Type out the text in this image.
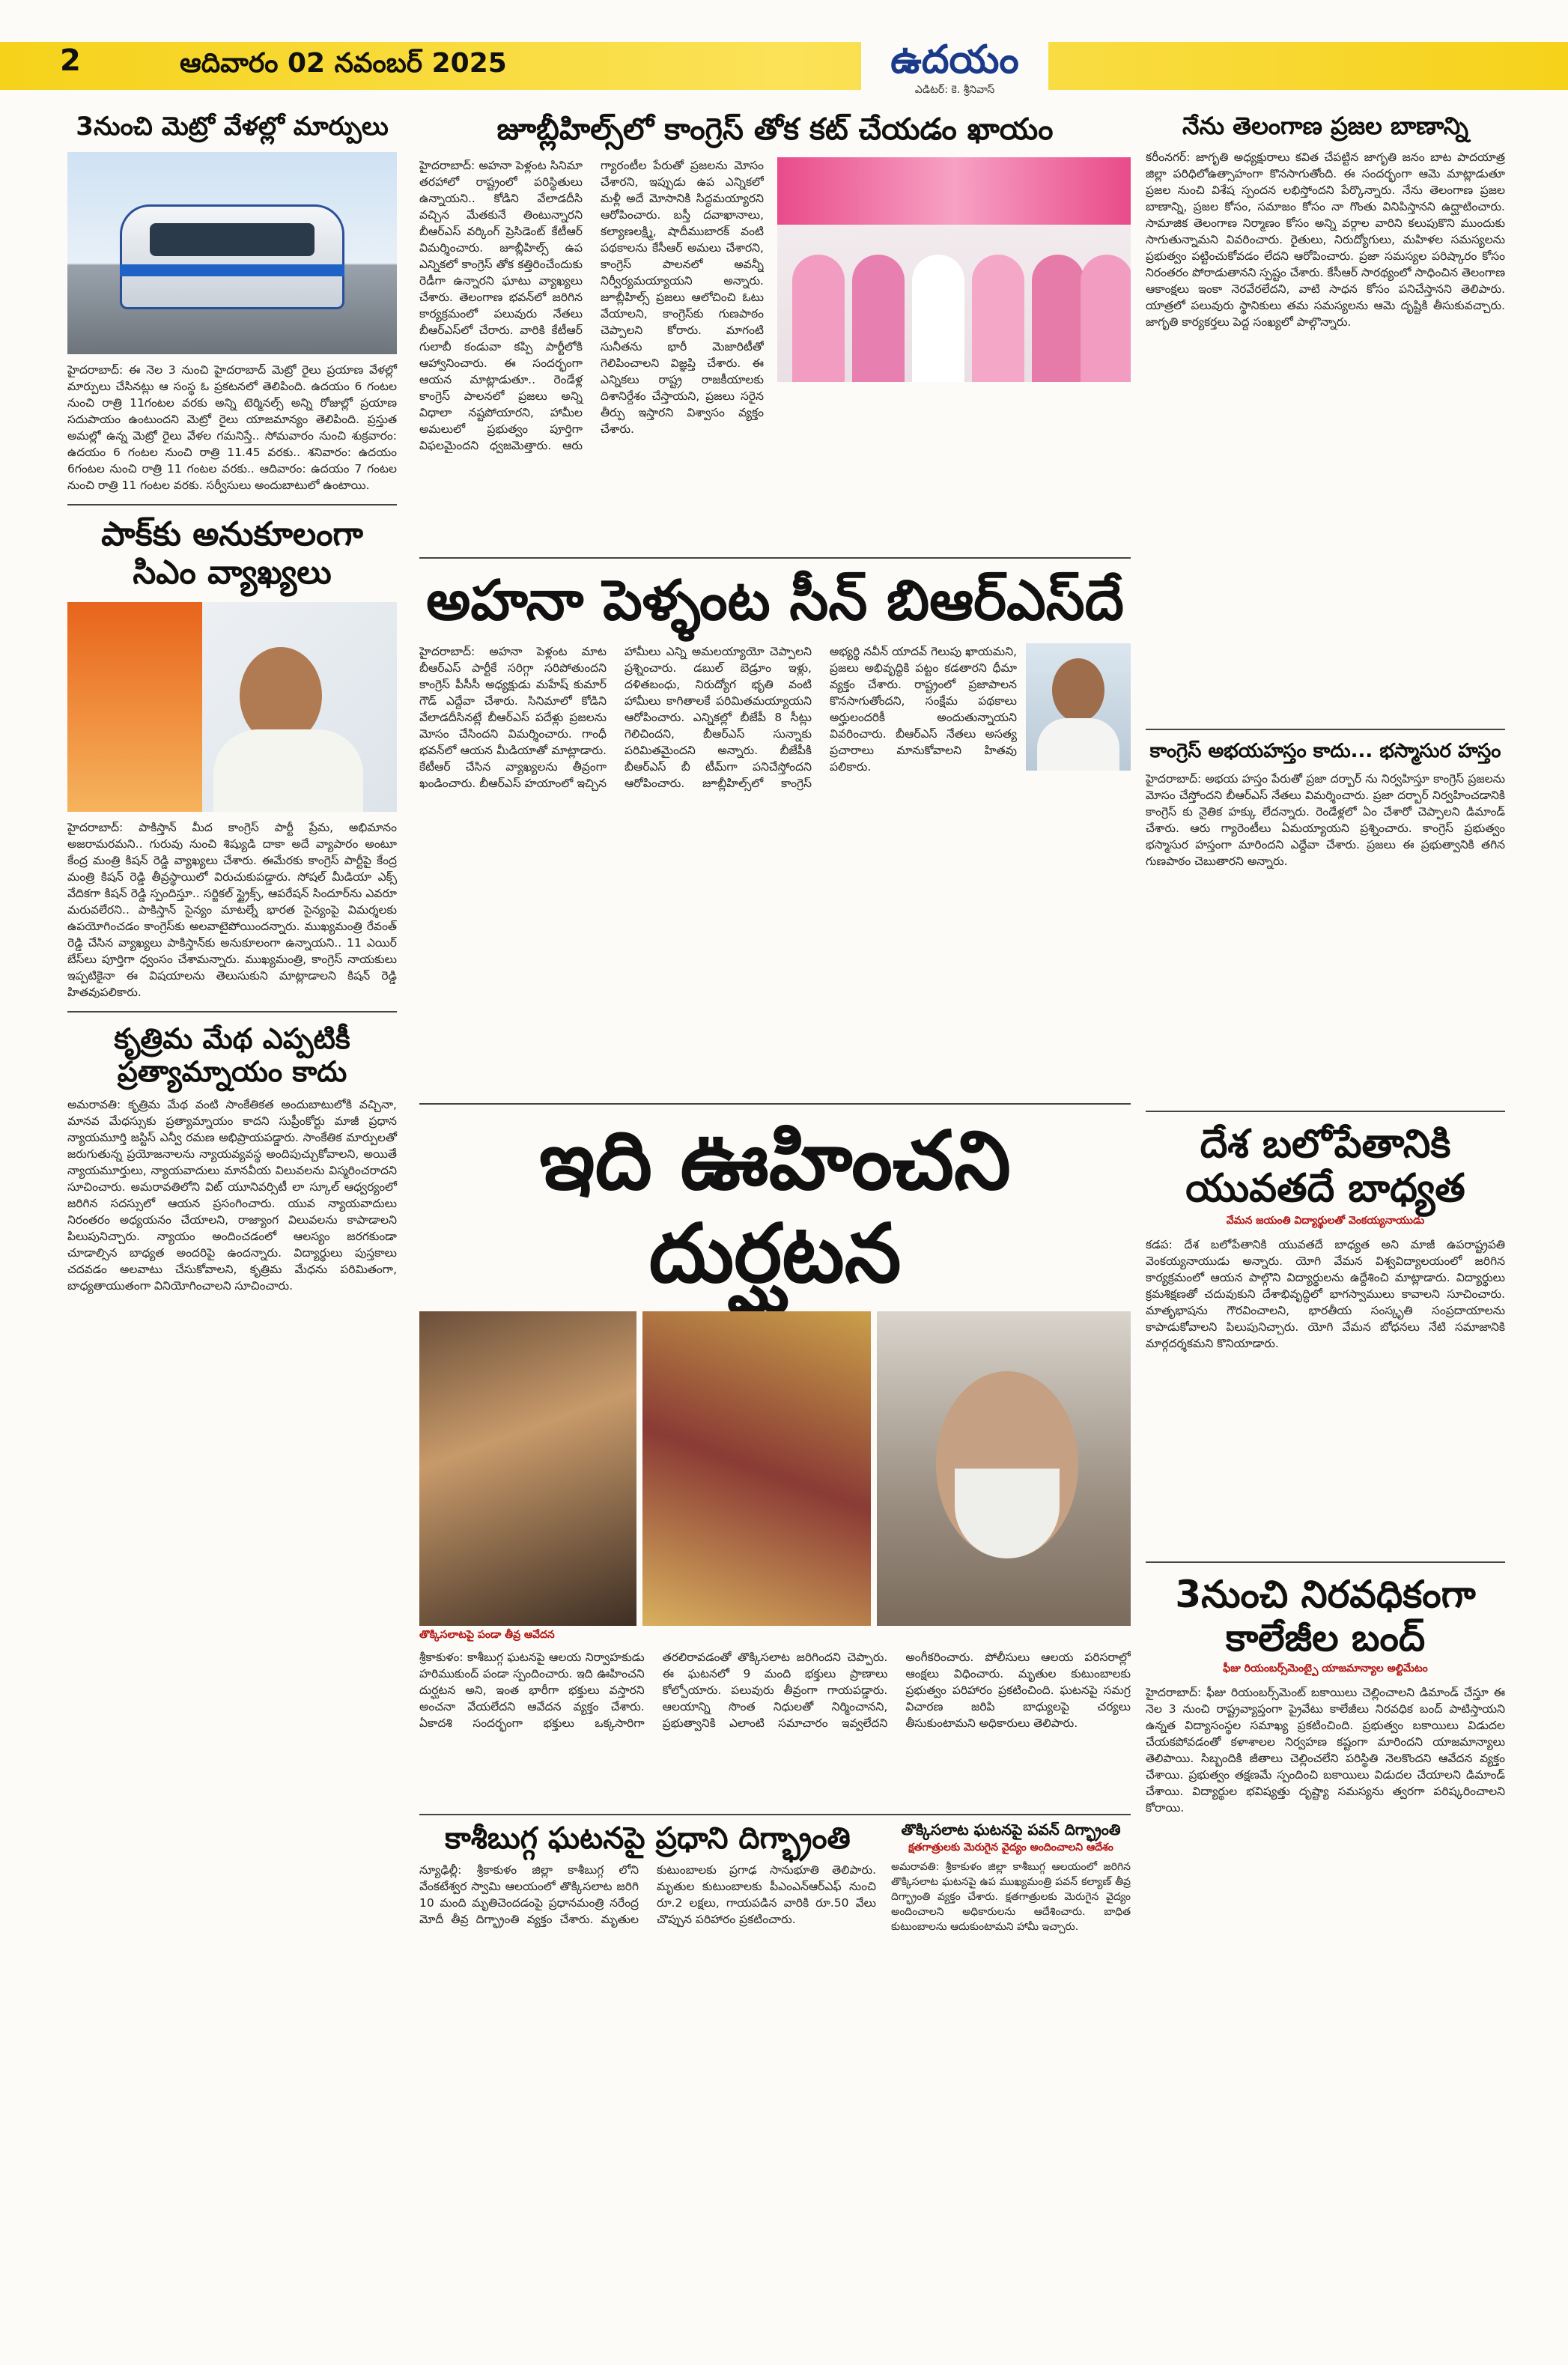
2	ఆదివారం 02 నవంబర్ 2025	ఉదయం
ఎడిటర్: కె. శ్రీనివాస్
3నుంచి మెట్రో వేళల్లో మార్పులు
హైదరాబాద్: ఈ నెల 3 నుంచి హైదరాబాద్ మెట్రో రైలు ప్రయాణ వేళల్లో మార్పులు చేసినట్లు ఆ సంస్థ ఓ ప్రకటనలో తెలిపింది. ఉదయం 6 గంటల నుంచి రాత్రి 11గంటల వరకు అన్ని టెర్మినల్స్ అన్ని రోజుల్లో ప్రయాణ సదుపాయం ఉంటుందని మెట్రో రైలు యాజమాన్యం తెలిపింది. ప్రస్తుత అమల్లో ఉన్న మెట్రో రైలు వేళల గమనిస్తే.. సోమవారం నుంచి శుక్రవారం: ఉదయం 6 గంటల నుంచి రాత్రి 11.45 వరకు.. శనివారం: ఉదయం 6గంటల నుంచి రాత్రి 11 గంటల వరకు.. ఆదివారం: ఉదయం 7 గంటల నుంచి రాత్రి 11 గంటల వరకు. సర్వీసులు అందుబాటులో ఉంటాయి.
పాక్‌కు అనుకూలంగా సిఎం వ్యాఖ్యలు
హైదరాబాద్: పాకిస్తాన్ మీద కాంగ్రెస్ పార్టీ ప్రేమ, అభిమానం అజరామరమని.. గురువు నుంచి శిష్యుడి దాకా అదే వ్యాపారం అంటూ కేంద్ర మంత్రి కిషన్ రెడ్డి వ్యాఖ్యలు చేశారు. ఈమేరకు కాంగ్రెస్ పార్టీపై కేంద్ర మంత్రి కిషన్ రెడ్డి తీవ్రస్థాయిలో విరుచుకుపడ్డారు. సోషల్ మీడియా ఎక్స్ వేదికగా కిషన్ రెడ్డి స్పందిస్తూ.. సర్జికల్ స్ట్రైక్స్, ఆపరేషన్ సిందూర్‌ను ఎవరూ మరువలేరని.. పాకిస్తాన్ సైన్యం మాటల్నే భారత సైన్యంపై విమర్శలకు ఉపయోగించడం కాంగ్రెస్‌కు అలవాటైపోయిందన్నారు. ముఖ్యమంత్రి రేవంత్ రెడ్డి చేసిన వ్యాఖ్యలు పాకిస్తాన్‌కు అనుకూలంగా ఉన్నాయని.. 11 ఎయిర్ బేస్‌లు పూర్తిగా ధ్వంసం చేశామన్నారు. ముఖ్యమంత్రి, కాంగ్రెస్ నాయకులు ఇప్పటికైనా ఈ విషయాలను తెలుసుకుని మాట్లాడాలని కిషన్ రెడ్డి హితవుపలికారు.
కృత్రిమ మేథ ఎప్పటికీ ప్రత్యామ్నాయం కాదు
అమరావతి: కృత్రిమ మేథ వంటి సాంకేతికత అందుబాటులోకి వచ్చినా, మానవ మేధస్సుకు ప్రత్యామ్నాయం కాదని సుప్రీంకోర్టు మాజీ ప్రధాన న్యాయమూర్తి జస్టిస్ ఎన్వీ రమణ అభిప్రాయపడ్డారు. సాంకేతిక మార్పులతో జరుగుతున్న ప్రయోజనాలను న్యాయవ్యవస్థ అందిపుచ్చుకోవాలని, అయితే న్యాయమూర్తులు, న్యాయవాదులు మానవీయ విలువలను విస్మరించరాదని సూచించారు. అమరావతిలోని విట్ యూనివర్సిటీ లా స్కూల్ ఆధ్వర్యంలో జరిగిన సదస్సులో ఆయన ప్రసంగించారు. యువ న్యాయవాదులు నిరంతరం అధ్యయనం చేయాలని, రాజ్యాంగ విలువలను కాపాడాలని పిలుపునిచ్చారు. న్యాయం అందించడంలో ఆలస్యం జరగకుండా చూడాల్సిన బాధ్యత అందరిపై ఉందన్నారు. విద్యార్థులు పుస్తకాలు చదవడం అలవాటు చేసుకోవాలని, కృత్రిమ మేధను పరిమితంగా, బాధ్యతాయుతంగా వినియోగించాలని సూచించారు.
జూబ్లీహిల్స్‌లో కాంగ్రెస్ తోక కట్ చేయడం ఖాయం
హైదరాబాద్: అహనా పెళ్లంట సినిమా తరహాలో రాష్ట్రంలో పరిస్థితులు ఉన్నాయని.. కోడిని వేలాడదీసి వచ్చిన మేతకునే తింటున్నారని బీఆర్ఎస్ వర్కింగ్ ప్రెసిడెంట్ కేటీఆర్ విమర్శించారు. జూబ్లీహిల్స్ ఉప ఎన్నికలో కాంగ్రెస్ తోక కత్తిరించేందుకు రెడీగా ఉన్నారని ఘాటు వ్యాఖ్యలు చేశారు. తెలంగాణ భవన్‌లో జరిగిన కార్యక్రమంలో పలువురు నేతలు బీఆర్ఎస్‌లో చేరారు. వారికి కేటీఆర్ గులాబీ కండువా కప్పి పార్టీలోకి ఆహ్వానించారు. ఈ సందర్భంగా ఆయన మాట్లాడుతూ.. రెండేళ్ల కాంగ్రెస్ పాలనలో ప్రజలు అన్ని విధాలా నష్టపోయారని, హామీల అమలులో ప్రభుత్వం పూర్తిగా విఫలమైందని ధ్వజమెత్తారు. ఆరు గ్యారంటీల పేరుతో ప్రజలను మోసం చేశారని, ఇప్పుడు ఉప ఎన్నికలో మళ్లీ అదే మోసానికి సిద్ధమయ్యారని ఆరోపించారు. బస్తీ దవాఖానాలు, కల్యాణలక్ష్మి, షాదీముబారక్ వంటి పథకాలను కేసీఆర్ అమలు చేశారని, కాంగ్రెస్ పాలనలో అవన్నీ నిర్వీర్యమయ్యాయని అన్నారు. జూబ్లీహిల్స్ ప్రజలు ఆలోచించి ఓటు వేయాలని, కాంగ్రెస్‌కు గుణపాఠం చెప్పాలని కోరారు. మాగంటి సునీతను భారీ మెజారిటీతో గెలిపించాలని విజ్ఞప్తి చేశారు. ఈ ఎన్నికలు రాష్ట్ర రాజకీయాలకు దిశానిర్దేశం చేస్తాయని, ప్రజలు సరైన తీర్పు ఇస్తారని విశ్వాసం వ్యక్తం చేశారు.
అహనా పెళ్ళంట సీన్ బిఆర్ఎస్‌దే
హైదరాబాద్: అహనా పెళ్లంట మాట బీఆర్ఎస్ పార్టీకే సరిగ్గా సరిపోతుందని కాంగ్రెస్ పీసీసీ అధ్యక్షుడు మహేష్ కుమార్ గౌడ్ ఎద్దేవా చేశారు. సినిమాలో కోడిని వేలాడదీసినట్లే బీఆర్ఎస్ పదేళ్లు ప్రజలను మోసం చేసిందని విమర్శించారు. గాంధీ భవన్‌లో ఆయన మీడియాతో మాట్లాడారు. కేటీఆర్ చేసిన వ్యాఖ్యలను తీవ్రంగా ఖండించారు. బీఆర్ఎస్ హయాంలో ఇచ్చిన హామీలు ఎన్ని అమలయ్యాయో చెప్పాలని ప్రశ్నించారు. డబుల్ బెడ్రూం ఇళ్లు, దళితబంధు, నిరుద్యోగ భృతి వంటి హామీలు కాగితాలకే పరిమితమయ్యాయని ఆరోపించారు. ఎన్నికల్లో బీజేపీ 8 సీట్లు గెలిచిందని, బీఆర్ఎస్ సున్నాకు పరిమితమైందని అన్నారు. బీజేపీకి బీఆర్ఎస్ బీ టీమ్‌గా పనిచేస్తోందని ఆరోపించారు. జూబ్లీహిల్స్‌లో కాంగ్రెస్ అభ్యర్థి నవీన్ యాదవ్ గెలుపు ఖాయమని, ప్రజలు అభివృద్ధికి పట్టం కడతారని ధీమా వ్యక్తం చేశారు. రాష్ట్రంలో ప్రజాపాలన కొనసాగుతోందని, సంక్షేమ పథకాలు అర్హులందరికీ అందుతున్నాయని వివరించారు. బీఆర్ఎస్ నేతలు అసత్య ప్రచారాలు మానుకోవాలని హితవు పలికారు.
ఇది ఊహించని దుర్ఘటన
తొక్కిసలాటపై పండా తీవ్ర ఆవేదన
శ్రీకాకుళం: కాశీబుగ్గ ఘటనపై ఆలయ నిర్వాహకుడు హరిముకుంద్ పండా స్పందించారు. ఇది ఊహించని దుర్ఘటన అని, ఇంత భారీగా భక్తులు వస్తారని అంచనా వేయలేదని ఆవేదన వ్యక్తం చేశారు. ఏకాదశి సందర్భంగా భక్తులు ఒక్కసారిగా తరలిరావడంతో తొక్కిసలాట జరిగిందని చెప్పారు. ఈ ఘటనలో 9 మంది భక్తులు ప్రాణాలు కోల్పోయారు. పలువురు తీవ్రంగా గాయపడ్డారు. ఆలయాన్ని సొంత నిధులతో నిర్మించానని, ప్రభుత్వానికి ఎలాంటి సమాచారం ఇవ్వలేదని అంగీకరించారు. పోలీసులు ఆలయ పరిసరాల్లో ఆంక్షలు విధించారు. మృతుల కుటుంబాలకు ప్రభుత్వం పరిహారం ప్రకటించింది. ఘటనపై సమగ్ర విచారణ జరిపి బాధ్యులపై చర్యలు తీసుకుంటామని అధికారులు తెలిపారు.
కాశీబుగ్గ ఘటనపై ప్రధాని దిగ్భ్రాంతి
న్యూఢిల్లీ: శ్రీకాకుళం జిల్లా కాశీబుగ్గ లోని వేంకటేశ్వర స్వామి ఆలయంలో తొక్కిసలాట జరిగి 10 మంది మృతిచెందడంపై ప్రధానమంత్రి నరేంద్ర మోదీ తీవ్ర దిగ్భ్రాంతి వ్యక్తం చేశారు. మృతుల కుటుంబాలకు ప్రగాఢ సానుభూతి తెలిపారు. మృతుల కుటుంబాలకు పీఎంఎన్ఆర్ఎఫ్ నుంచి రూ.2 లక్షలు, గాయపడిన వారికి రూ.50 వేలు చొప్పున పరిహారం ప్రకటించారు.
తొక్కిసలాట ఘటనపై పవన్ దిగ్భ్రాంతి
క్షతగాత్రులకు మెరుగైన వైద్యం అందించాలని ఆదేశం
అమరావతి: శ్రీకాకుళం జిల్లా కాశీబుగ్గ ఆలయంలో జరిగిన తొక్కిసలాట ఘటనపై ఉప ముఖ్యమంత్రి పవన్ కల్యాణ్ తీవ్ర దిగ్భ్రాంతి వ్యక్తం చేశారు. క్షతగాత్రులకు మెరుగైన వైద్యం అందించాలని అధికారులను ఆదేశించారు. బాధిత కుటుంబాలను ఆదుకుంటామని హామీ ఇచ్చారు.
నేను తెలంగాణ ప్రజల బాణాన్ని
కరీంనగర్: జాగృతి అధ్యక్షురాలు కవిత చేపట్టిన జాగృతి జనం బాట పాదయాత్ర జిల్లా పరిధిలోఉత్సాహంగా కొనసాగుతోంది. ఈ సందర్భంగా ఆమె మాట్లాడుతూ ప్రజల నుంచి విశేష స్పందన లభిస్తోందని పేర్కొన్నారు. నేను తెలంగాణ ప్రజల బాణాన్ని, ప్రజల కోసం, సమాజం కోసం నా గొంతు వినిపిస్తానని ఉద్ఘాటించారు. సామాజిక తెలంగాణ నిర్మాణం కోసం అన్ని వర్గాల వారిని కలుపుకొని ముందుకు సాగుతున్నామని వివరించారు. రైతులు, నిరుద్యోగులు, మహిళల సమస్యలను ప్రభుత్వం పట్టించుకోవడం లేదని ఆరోపించారు. ప్రజా సమస్యల పరిష్కారం కోసం నిరంతరం పోరాడుతానని స్పష్టం చేశారు. కేసీఆర్ సారథ్యంలో సాధించిన తెలంగాణ ఆకాంక్షలు ఇంకా నెరవేరలేదని, వాటి సాధన కోసం పనిచేస్తానని తెలిపారు. యాత్రలో పలువురు స్థానికులు తమ సమస్యలను ఆమె దృష్టికి తీసుకువచ్చారు. జాగృతి కార్యకర్తలు పెద్ద సంఖ్యలో పాల్గొన్నారు.
కాంగ్రెస్ అభయహస్తం కాదు... భస్మాసుర హస్తం
హైదరాబాద్: అభయ హస్తం పేరుతో ప్రజా దర్బార్ ను నిర్వహిస్తూ కాంగ్రెస్ ప్రజలను మోసం చేస్తోందని బీఆర్ఎస్ నేతలు విమర్శించారు. ప్రజా దర్బార్ నిర్వహించడానికి కాంగ్రెస్ కు నైతిక హక్కు లేదన్నారు. రెండేళ్లలో ఏం చేశారో చెప్పాలని డిమాండ్ చేశారు. ఆరు గ్యారెంటీలు ఏమయ్యాయని ప్రశ్నించారు. కాంగ్రెస్ ప్రభుత్వం భస్మాసుర హస్తంగా మారిందని ఎద్దేవా చేశారు. ప్రజలు ఈ ప్రభుత్వానికి తగిన గుణపాఠం చెబుతారని అన్నారు.
దేశ బలోపేతానికి యువతదే బాధ్యత
వేమన జయంతి విద్యార్థులతో వెంకయ్యనాయుడు
కడప: దేశ బలోపేతానికి యువతదే బాధ్యత అని మాజీ ఉపరాష్ట్రపతి వెంకయ్యనాయుడు అన్నారు. యోగి వేమన విశ్వవిద్యాలయంలో జరిగిన కార్యక్రమంలో ఆయన పాల్గొని విద్యార్థులను ఉద్దేశించి మాట్లాడారు. విద్యార్థులు క్రమశిక్షణతో చదువుకుని దేశాభివృద్ధిలో భాగస్వాములు కావాలని సూచించారు. మాతృభాషను గౌరవించాలని, భారతీయ సంస్కృతి సంప్రదాయాలను కాపాడుకోవాలని పిలుపునిచ్చారు. యోగి వేమన బోధనలు నేటి సమాజానికి మార్గదర్శకమని కొనియాడారు.
3నుంచి నిరవధికంగా కాలేజీల బంద్
ఫీజు రియంబర్స్‌మెంట్పై యాజమాన్యాల అల్టిమేటం
హైదరాబాద్: ఫీజు రియంబర్స్‌మెంట్ బకాయిలు చెల్లించాలని డిమాండ్ చేస్తూ ఈ నెల 3 నుంచి రాష్ట్రవ్యాప్తంగా ప్రైవేటు కాలేజీలు నిరవధిక బంద్ పాటిస్తాయని ఉన్నత విద్యాసంస్థల సమాఖ్య ప్రకటించింది. ప్రభుత్వం బకాయిలు విడుదల చేయకపోవడంతో కళాశాలల నిర్వహణ కష్టంగా మారిందని యాజమాన్యాలు తెలిపాయి. సిబ్బందికి జీతాలు చెల్లించలేని పరిస్థితి నెలకొందని ఆవేదన వ్యక్తం చేశాయి. ప్రభుత్వం తక్షణమే స్పందించి బకాయిలు విడుదల చేయాలని డిమాండ్ చేశాయి. విద్యార్థుల భవిష్యత్తు దృష్ట్యా సమస్యను త్వరగా పరిష్కరించాలని కోరాయి.
